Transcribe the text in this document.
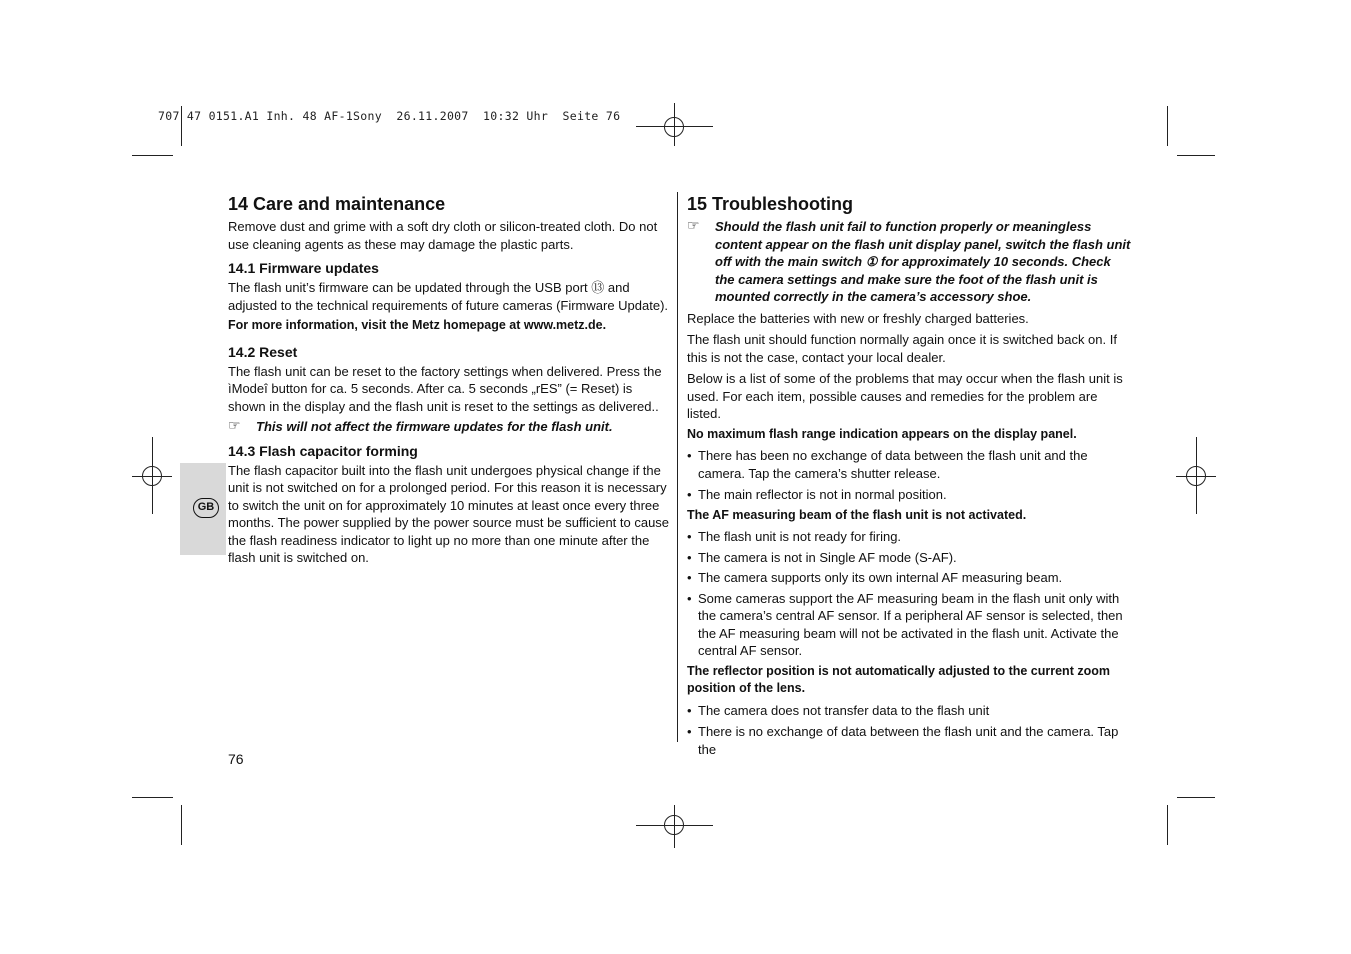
707 47 0151.A1 Inh. 48 AF-1Sony  26.11.2007  10:32 Uhr  Seite 76
GB
14 Care and maintenance

Remove dust and grime with a soft dry cloth or silicon-treated cloth. Do not use cleaning agents as these may damage the plastic parts.

14.1 Firmware updates

The flash unit’s firmware can be updated through the USB port ⑬ and adjusted to the technical requirements of future cameras (Firmware Update).

For more information, visit the Metz homepage at www.metz.de.

14.2 Reset

The flash unit can be reset to the factory settings when delivered. Press the ìModeî button for ca. 5 seconds. After ca. 5 seconds „rES” (= Reset) is shown in the display and the flash unit is reset to the settings as delivered..

☞	This will not affect the firmware updates for the flash unit.

14.3 Flash capacitor forming

The flash capacitor built into the flash unit undergoes physical change if the unit is not switched on for a prolonged period. For this reason it is necessary to switch the unit on for approximately 10 minutes at least once every three months. The power supplied by the power source must be sufficient to cause the flash readiness indicator to light up no more than one minute after the flash unit is switched on.

15 Troubleshooting
☞	Should the flash unit fail to function properly or meaningless content appear on the flash unit display panel, switch the flash unit off with the main switch ① for approximately 10 seconds. Check the camera settings and make sure the foot of the flash unit is mounted correctly in the camera’s accessory shoe.

Replace the batteries with new or freshly charged batteries.

The flash unit should function normally again once it is switched back on. If this is not the case, contact your local dealer.

Below is a list of some of the problems that may occur when the flash unit is used. For each item, possible causes and remedies for the problem are listed.

No maximum flash range indication appears on the display panel.

• There has been no exchange of data between the flash unit and the camera. Tap the camera’s shutter release.

• The main reflector is not in normal position.

The AF measuring beam of the flash unit is not activated.

• The flash unit is not ready for firing.

• The camera is not in Single AF mode (S-AF).

• The camera supports only its own internal AF measuring beam.

• Some cameras support the AF measuring beam in the flash unit only with the camera’s central AF sensor. If a peripheral AF sensor is selected, then the AF measuring beam will not be activated in the flash unit. Activate the central AF sensor.

The reflector position is not automatically adjusted to the current zoom position of the lens.

• The camera does not transfer data to the flash unit

• There is no exchange of data between the flash unit and the camera. Tap the

76
